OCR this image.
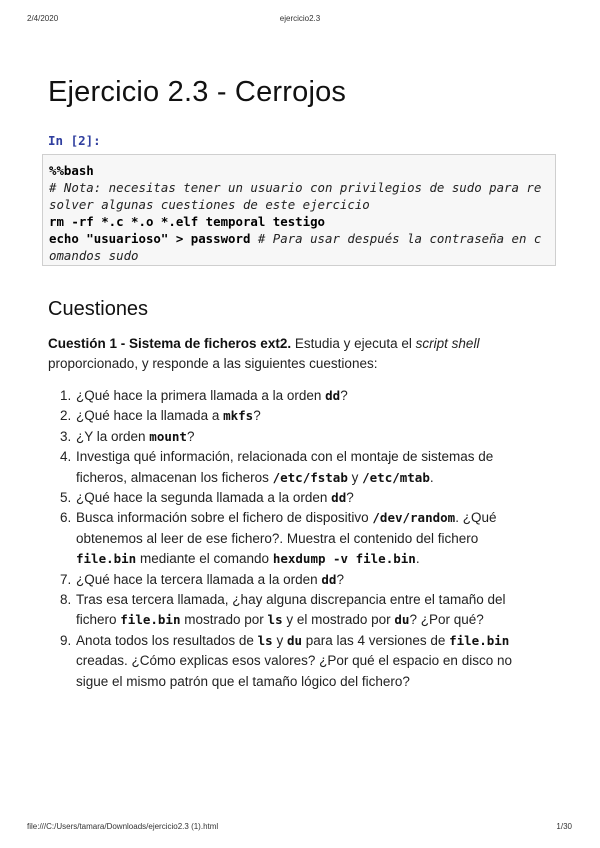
2/4/2020	ejercicio2.3
Ejercicio 2.3 - Cerrojos
In [2]:
%%bash
# Nota: necesitas tener un usuario con privilegios de sudo para re
solver algunas cuestiones de este ejercicio
rm -rf *.c *.o *.elf temporal testigo
echo "usuarioso" > password # Para usar después la contraseña en c
omandos sudo
Cuestiones
Cuestión 1 - Sistema de ficheros ext2. Estudia y ejecuta el script shell
proporcionado, y responde a las siguientes cuestiones:
1. ¿Qué hace la primera llamada a la orden dd?
2. ¿Qué hace la llamada a mkfs?
3. ¿Y la orden mount?
4. Investiga qué información, relacionada con el montaje de sistemas de
ficheros, almacenan los ficheros /etc/fstab y /etc/mtab.
5. ¿Qué hace la segunda llamada a la orden dd?
6. Busca información sobre el fichero de dispositivo /dev/random. ¿Qué
obtenemos al leer de ese fichero?. Muestra el contenido del fichero
file.bin mediante el comando hexdump -v file.bin.
7. ¿Qué hace la tercera llamada a la orden dd?
8. Tras esa tercera llamada, ¿hay alguna discrepancia entre el tamaño del
fichero file.bin mostrado por ls y el mostrado por du? ¿Por qué?
9. Anota todos los resultados de ls y du para las 4 versiones de file.bin
creadas. ¿Cómo explicas esos valores? ¿Por qué el espacio en disco no
sigue el mismo patrón que el tamaño lógico del fichero?
file:///C:/Users/tamara/Downloads/ejercicio2.3 (1).html	1/30
